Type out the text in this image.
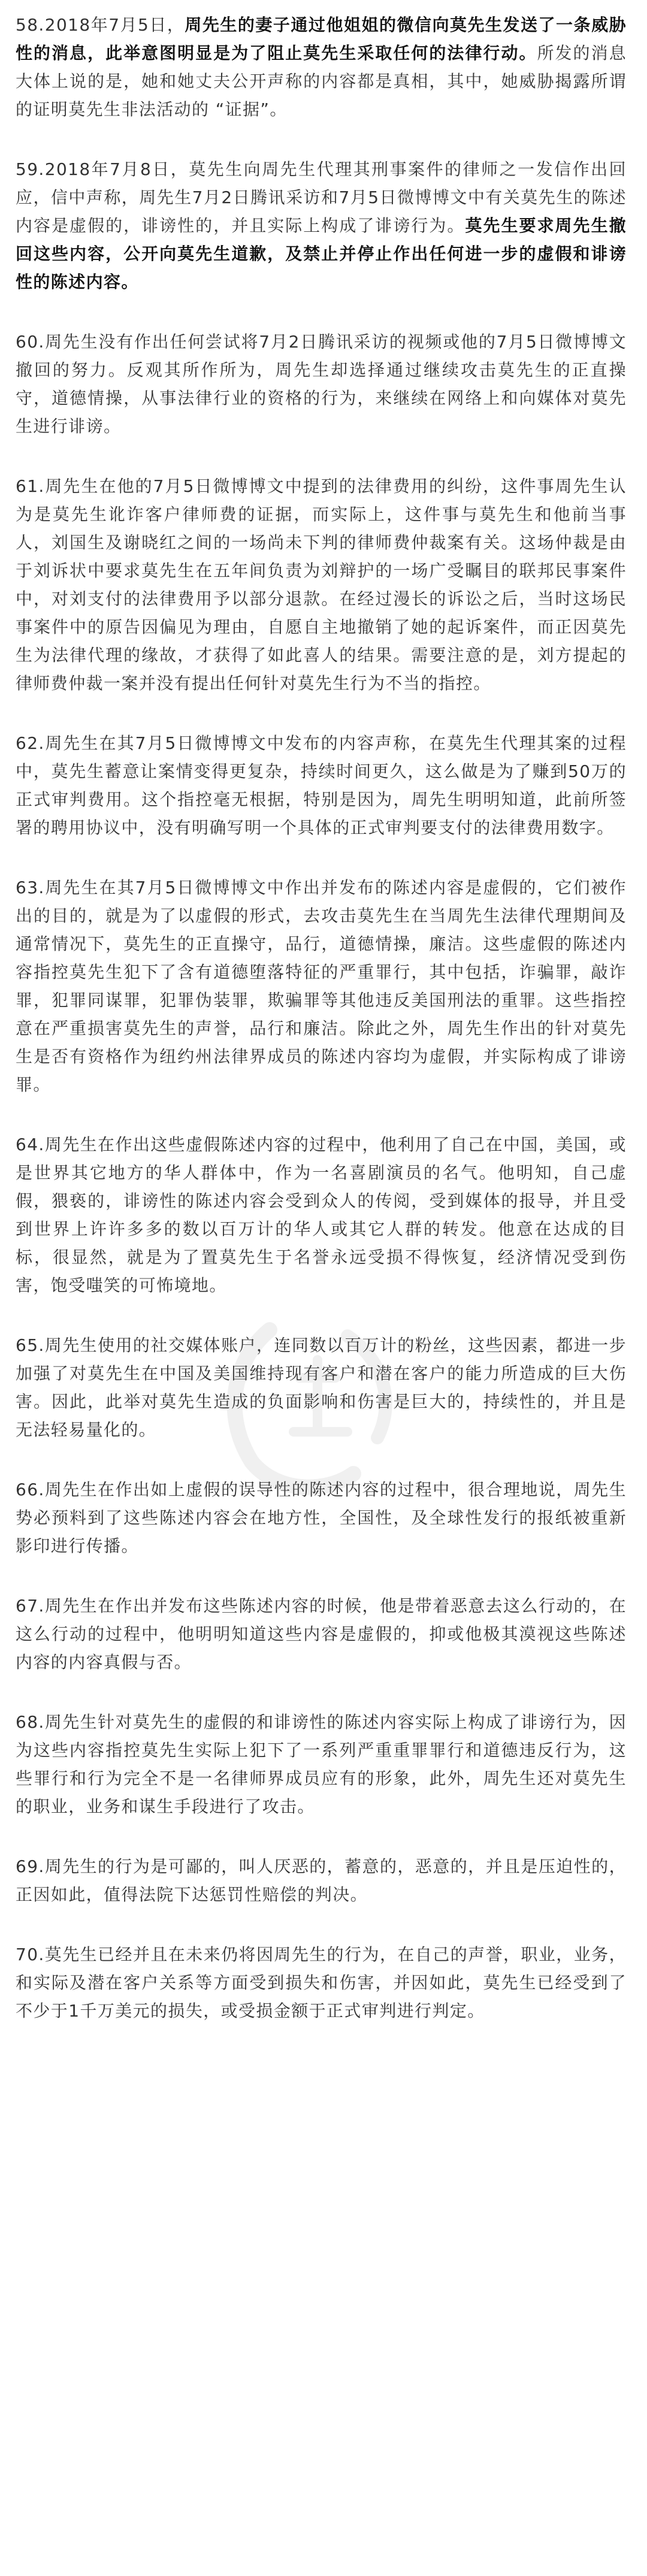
58.2018年7月5日，周先生的妻子通过他姐姐的微信向莫先生发送了一条威胁性的消息，此举意图明显是为了阻止莫先生采取任何的法律行动。所发的消息大体上说的是，她和她丈夫公开声称的内容都是真相，其中，她威胁揭露所谓的证明莫先生非法活动的 “证据”。

59.2018年7月8日，莫先生向周先生代理其刑事案件的律师之一发信作出回应，信中声称，周先生7月2日腾讯采访和7月5日微博博文中有关莫先生的陈述内容是虚假的，诽谤性的，并且实际上构成了诽谤行为。莫先生要求周先生撤回这些内容，公开向莫先生道歉，及禁止并停止作出任何进一步的虚假和诽谤性的陈述内容。

60.周先生没有作出任何尝试将7月2日腾讯采访的视频或他的7月5日微博博文撤回的努力。反观其所作所为，周先生却选择通过继续攻击莫先生的正直操守，道德情操，从事法律行业的资格的行为，来继续在网络上和向媒体对莫先生进行诽谤。

61.周先生在他的7月5日微博博文中提到的法律费用的纠纷，这件事周先生认为是莫先生讹诈客户律师费的证据，而实际上，这件事与莫先生和他前当事人，刘国生及谢晓红之间的一场尚未下判的律师费仲裁案有关。这场仲裁是由于刘诉状中要求莫先生在五年间负责为刘辩护的一场广受瞩目的联邦民事案件中，对刘支付的法律费用予以部分退款。在经过漫长的诉讼之后，当时这场民事案件中的原告因偏见为理由，自愿自主地撤销了她的起诉案件，而正因莫先生为法律代理的缘故，才获得了如此喜人的结果。需要注意的是，刘方提起的律师费仲裁一案并没有提出任何针对莫先生行为不当的指控。

62.周先生在其7月5日微博博文中发布的内容声称，在莫先生代理其案的过程中，莫先生蓄意让案情变得更复杂，持续时间更久，这么做是为了赚到50万的正式审判费用。这个指控毫无根据，特别是因为，周先生明明知道，此前所签署的聘用协议中，没有明确写明一个具体的正式审判要支付的法律费用数字。

63.周先生在其7月5日微博博文中作出并发布的陈述内容是虚假的，它们被作出的目的，就是为了以虚假的形式，去攻击莫先生在当周先生法律代理期间及通常情况下，莫先生的正直操守，品行，道德情操，廉洁。这些虚假的陈述内容指控莫先生犯下了含有道德堕落特征的严重罪行，其中包括，诈骗罪，敲诈罪，犯罪同谋罪，犯罪伪装罪，欺骗罪等其他违反美国刑法的重罪。这些指控意在严重损害莫先生的声誉，品行和廉洁。除此之外，周先生作出的针对莫先生是否有资格作为纽约州法律界成员的陈述内容均为虚假，并实际构成了诽谤罪。

64.周先生在作出这些虚假陈述内容的过程中，他利用了自己在中国，美国，或是世界其它地方的华人群体中，作为一名喜剧演员的名气。他明知，自己虚假，猥亵的，诽谤性的陈述内容会受到众人的传阅，受到媒体的报导，并且受到世界上许许多多的数以百万计的华人或其它人群的转发。他意在达成的目标，很显然，就是为了置莫先生于名誉永远受损不得恢复，经济情况受到伤害，饱受嗤笑的可怖境地。

65.周先生使用的社交媒体账户，连同数以百万计的粉丝，这些因素，都进一步加强了对莫先生在中国及美国维持现有客户和潜在客户的能力所造成的巨大伤害。因此，此举对莫先生造成的负面影响和伤害是巨大的，持续性的，并且是无法轻易量化的。

66.周先生在作出如上虚假的误导性的陈述内容的过程中，很合理地说，周先生势必预料到了这些陈述内容会在地方性，全国性，及全球性发行的报纸被重新影印进行传播。

67.周先生在作出并发布这些陈述内容的时候，他是带着恶意去这么行动的，在这么行动的过程中，他明明知道这些内容是虚假的，抑或他极其漠视这些陈述内容的内容真假与否。

68.周先生针对莫先生的虚假的和诽谤性的陈述内容实际上构成了诽谤行为，因为这些内容指控莫先生实际上犯下了一系列严重重罪罪行和道德违反行为，这些罪行和行为完全不是一名律师界成员应有的形象，此外，周先生还对莫先生的职业，业务和谋生手段进行了攻击。

69.周先生的行为是可鄙的，叫人厌恶的，蓄意的，恶意的，并且是压迫性的，正因如此，值得法院下达惩罚性赔偿的判决。

70.莫先生已经并且在未来仍将因周先生的行为，在自己的声誉，职业，业务，和实际及潜在客户关系等方面受到损失和伤害，并因如此，莫先生已经受到了不少于1千万美元的损失，或受损金额于正式审判进行判定。
